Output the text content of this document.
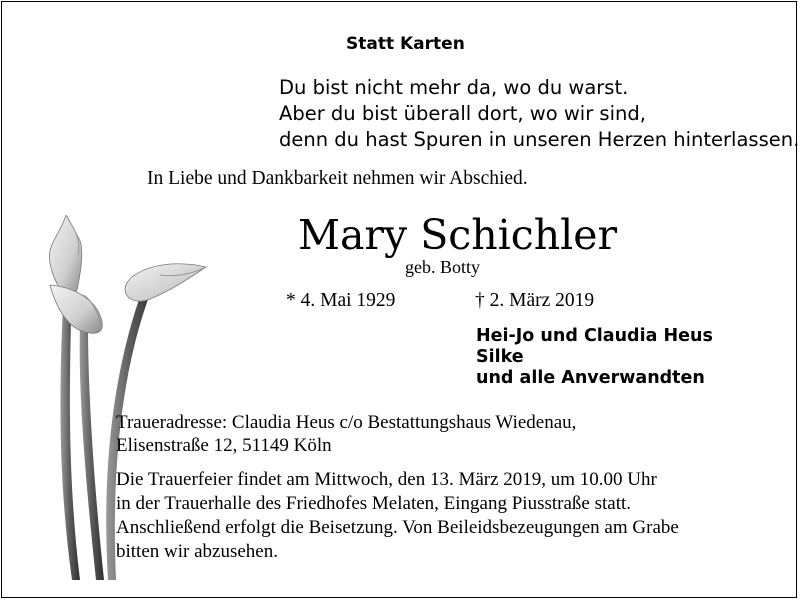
Statt Karten
Du bist nicht mehr da, wo du warst.
Aber du bist überall dort, wo wir sind,
denn du hast Spuren in unseren Herzen hinterlassen.
In Liebe und Dankbarkeit nehmen wir Abschied.
Mary Schichler
geb. Botty
* 4. Mai 1929	† 2. März 2019
Hei-Jo und Claudia Heus
Silke
und alle Anverwandten
Traueradresse: Claudia Heus c/o Bestattungshaus Wiedenau,
Elisenstraße 12, 51149 Köln
Die Trauerfeier findet am Mittwoch, den 13. März 2019, um 10.00 Uhr
in der Trauerhalle des Friedhofes Melaten, Eingang Piusstraße statt.
Anschließend erfolgt die Beisetzung. Von Beileidsbezeugungen am Grabe
bitten wir abzusehen.
